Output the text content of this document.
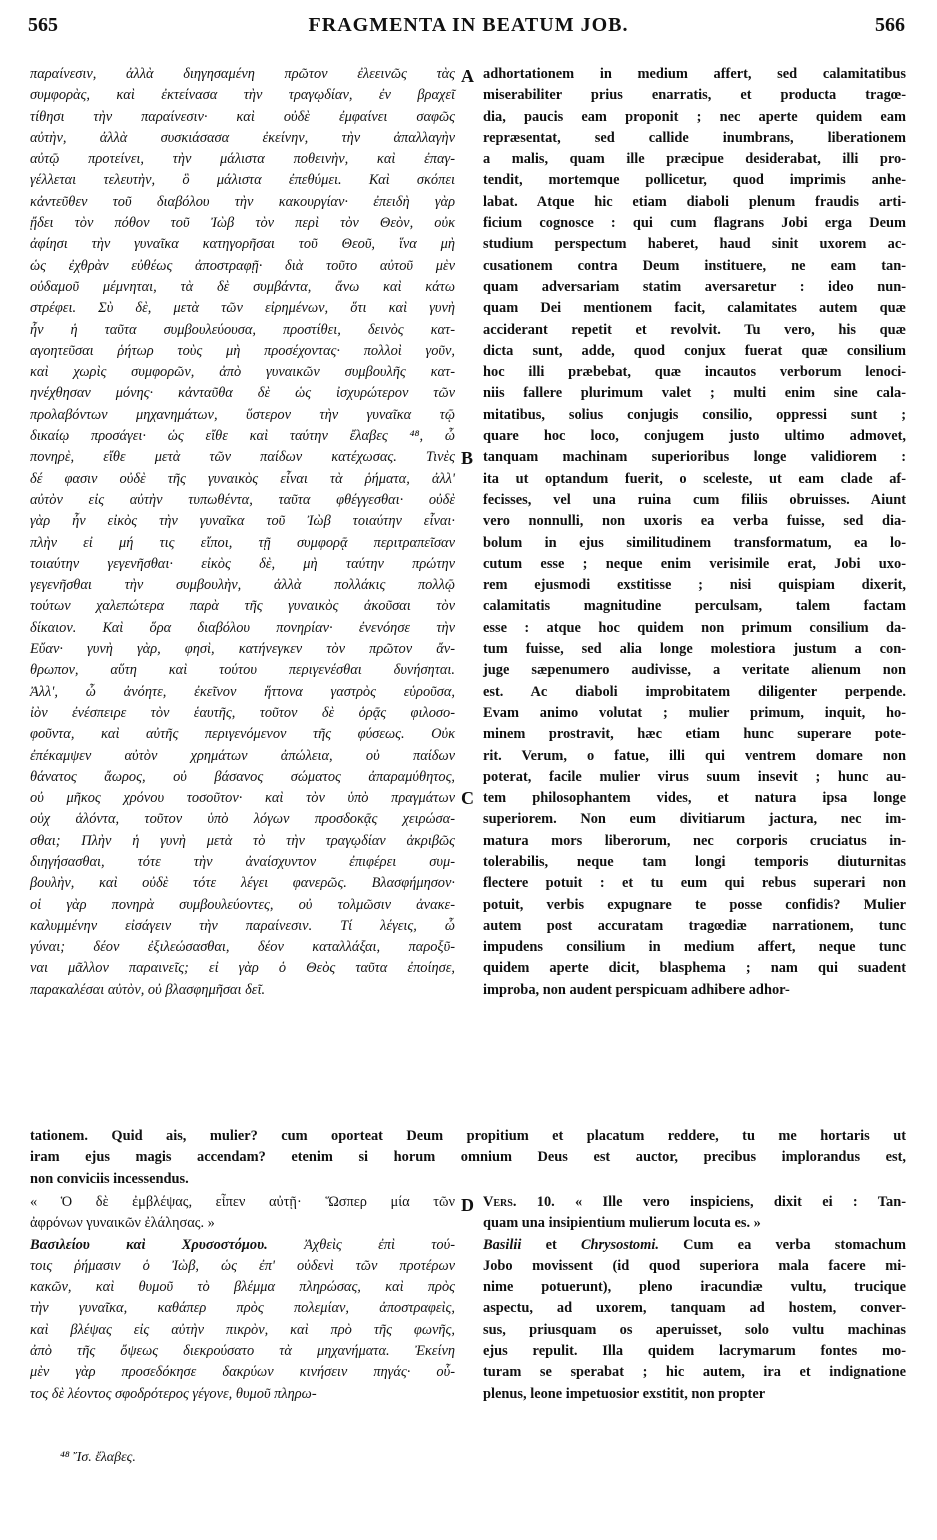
565	FRAGMENTA IN BEATUM JOB.	566
A
B
C
D

παραίνεσιν, ἀλλὰ διηγησαμένη πρῶτον ἐλεεινῶς τὰς

συμφορὰς, καὶ ἐκτείνασα τὴν τραγῳδίαν, ἐν βραχεῖ

τίθησι τὴν παραίνεσιν· καὶ οὐδὲ ἐμφαίνει σαφῶς

αὐτὴν, ἀλλὰ συσκιάσασα ἐκείνην, τὴν ἀπαλλαγὴν

αὐτῷ προτείνει, τὴν μάλιστα ποθεινὴν, καὶ ἐπαγ-

γέλλεται τελευτὴν, ὃ μάλιστα ἐπεθύμει. Καὶ σκόπει

κἀντεῦθεν τοῦ διαβόλου τὴν κακουργίαν· ἐπειδὴ γὰρ

ᾔδει τὸν πόθον τοῦ Ἰὼβ τὸν περὶ τὸν Θεὸν, οὐκ

ἀφίησι τὴν γυναῖκα κατηγορῆσαι τοῦ Θεοῦ, ἵνα μὴ

ὡς ἐχθρὰν εὐθέως ἀποστραφῇ· διὰ τοῦτο αὐτοῦ μὲν

οὐδαμοῦ μέμνηται, τὰ δὲ συμβάντα, ἄνω καὶ κάτω

στρέφει. Σὺ δὲ, μετὰ τῶν εἰρημένων, ὅτι καὶ γυνὴ

ἦν ἡ ταῦτα συμβουλεύουσα, προστίθει, δεινὸς κατ-

αγοητεῦσαι ῥήτωρ τοὺς μὴ προσέχοντας· πολλοὶ γοῦν,

καὶ χωρὶς συμφορῶν, ἀπὸ γυναικῶν συμβουλῆς κατ-

ηνέχθησαν μόνης· κἀνταῦθα δὲ ὡς ἰσχυρώτερον τῶν

προλαβόντων μηχανημάτων, ὕστερον τὴν γυναῖκα τῷ

δικαίῳ προσάγει· ὡς εἴθε καὶ ταύτην ἔλαβες ⁴⁸, ὦ

πονηρὲ, εἴθε μετὰ τῶν παίδων κατέχωσας. Τινὲς

δέ φασιν οὐδὲ τῆς γυναικὸς εἶναι τὰ ῥήματα, ἀλλ'

αὐτὸν εἰς αὐτὴν τυπωθέντα, ταῦτα φθέγγεσθαι· οὐδὲ

γὰρ ἦν εἰκὸς τὴν γυναῖκα τοῦ Ἰὼβ τοιαύτην εἶναι·

πλὴν εἰ μή τις εἴποι, τῇ συμφορᾷ περιτραπεῖσαν

τοιαύτην γεγενῆσθαι· εἰκὸς δὲ, μὴ ταύτην πρώτην

γεγενῆσθαι τὴν συμβουλὴν, ἀλλὰ πολλάκις πολλῷ

τούτων χαλεπώτερα παρὰ τῆς γυναικὸς ἀκοῦσαι τὸν

δίκαιον. Καὶ ὅρα διαβόλου πονηρίαν· ἐνενόησε τὴν

Εὔαν· γυνὴ γὰρ, φησὶ, κατήνεγκεν τὸν πρῶτον ἄν-

θρωπον, αὕτη καὶ τούτου περιγενέσθαι δυνήσηται.

Ἀλλ', ὦ ἀνόητε, ἐκεῖνον ἥττονα γαστρὸς εὑροῦσα,

ἰὸν ἐνέσπειρε τὸν ἑαυτῆς, τοῦτον δὲ ὁρᾷς φιλοσο-

φοῦντα, καὶ αὐτῆς περιγενόμενον τῆς φύσεως. Οὐκ

ἐπέκαμψεν αὐτὸν χρημάτων ἀπώλεια, οὐ παίδων

θάνατος ἄωρος, οὐ βάσανος σώματος ἀπαραμύθητος,

οὐ μῆκος χρόνου τοσοῦτον· καὶ τὸν ὑπὸ πραγμάτων

οὐχ ἁλόντα, τοῦτον ὑπὸ λόγων προσδοκᾷς χειρώσα-

σθαι; Πλὴν ἡ γυνὴ μετὰ τὸ τὴν τραγῳδίαν ἀκριβῶς

διηγήσασθαι, τότε τὴν ἀναίσχυντον ἐπιφέρει συμ-

βουλὴν, καὶ οὐδὲ τότε λέγει φανερῶς. Βλασφήμησον·

οἱ γὰρ πονηρὰ συμβουλεύοντες, οὐ τολμῶσιν ἀνακε-

καλυμμένην εἰσάγειν τὴν παραίνεσιν. Τί λέγεις, ὦ

γύναι; δέον ἐξιλεώσασθαι, δέον καταλλάξαι, παροξῦ-

ναι μᾶλλον παραινεῖς; εἰ γὰρ ὁ Θεὸς ταῦτα ἐποίησε,

παρακαλέσαι αὐτὸν, οὐ βλασφημῆσαι δεῖ.

adhortationem in medium affert, sed calamitatibus

miserabiliter prius enarratis, et producta tragœ-

dia, paucis eam proponit ; nec aperte quidem eam

repræsentat, sed callide inumbrans, liberationem

a malis, quam ille præcipue desiderabat, illi pro-

tendit, mortemque pollicetur, quod imprimis anhe-

labat. Atque hic etiam diaboli plenum fraudis arti-

ficium cognosce : qui cum flagrans Jobi erga Deum

studium perspectum haberet, haud sinit uxorem ac-

cusationem contra Deum instituere, ne eam tan-

quam adversariam statim aversaretur : ideo nun-

quam Dei mentionem facit, calamitates autem quæ

acciderant repetit et revolvit. Tu vero, his quæ

dicta sunt, adde, quod conjux fuerat quæ consilium

hoc illi præbebat, quæ incautos verborum lenoci-

niis fallere plurimum valet ; multi enim sine cala-

mitatibus, solius conjugis consilio, oppressi sunt ;

quare hoc loco, conjugem justo ultimo admovet,

tanquam machinam superioribus longe validiorem :

ita ut optandum fuerit, o sceleste, ut eam clade af-

fecisses, vel una ruina cum filiis obruisses. Aiunt

vero nonnulli, non uxoris ea verba fuisse, sed dia-

bolum in ejus similitudinem transformatum, ea lo-

cutum esse ; neque enim verisimile erat, Jobi uxo-

rem ejusmodi exstitisse ; nisi quispiam dixerit,

calamitatis magnitudine perculsam, talem factam

esse : atque hoc quidem non primum consilium da-

tum fuisse, sed alia longe molestiora justum a con-

juge sæpenumero audivisse, a veritate alienum non

est. Ac diaboli improbitatem diligenter perpende.

Evam animo volutat ; mulier primum, inquit, ho-

minem prostravit, hæc etiam hunc superare pote-

rit. Verum, o fatue, illi qui ventrem domare non

poterat, facile mulier virus suum insevit ; hunc au-

tem philosophantem vides, et natura ipsa longe

superiorem. Non eum divitiarum jactura, nec im-

matura mors liberorum, nec corporis cruciatus in-

tolerabilis, neque tam longi temporis diuturnitas

flectere potuit : et tu eum qui rebus superari non

potuit, verbis expugnare te posse confidis? Mulier

autem post accuratam tragœdiæ narrationem, tunc

impudens consilium in medium affert, neque tunc

quidem aperte dicit, blasphema ; nam qui suadent

improba, non audent perspicuam adhibere adhor-

tationem. Quid ais, mulier? cum oporteat Deum propitium et placatum reddere, tu me hortaris ut

iram ejus magis accendam? etenim si horum omnium Deus est auctor, precibus implorandus est,

non conviciis incessendus.

« Ὁ δὲ ἐμβλέψας, εἶπεν αὐτῇ· Ὥσπερ μία τῶν

ἀφρόνων γυναικῶν ἐλάλησας. »

Βασιλείου καὶ Χρυσοστόμου.	Ἀχθεὶς ἐπὶ τού-

τοις ῥήμασιν ὁ Ἰὼβ, ὡς ἐπ' οὐδενὶ τῶν προτέρων

κακῶν, καὶ θυμοῦ τὸ βλέμμα πληρώσας, καὶ πρὸς

τὴν γυναῖκα, καθάπερ πρὸς πολεμίαν, ἀποστραφεὶς,

καὶ βλέψας εἰς αὐτὴν πικρὸν, καὶ πρὸ τῆς φωνῆς,

ἀπὸ τῆς ὄψεως διεκρούσατο τὰ μηχανήματα. Ἐκείνη

μὲν γὰρ προσεδόκησε δακρύων κινήσειν πηγάς· οὗ-

τος δὲ λέοντος σφοδρότερος γέγονε, θυμοῦ πληρω-

Vers. 10. « Ille vero inspiciens, dixit ei : Tan-

quam una insipientium mulierum locuta es. »

Basilii et Chrysostomi. Cum ea verba stomachum

Jobo movissent (id quod superiora mala facere mi-

nime potuerunt), pleno iracundiæ vultu, trucique

aspectu, ad uxorem, tanquam ad hostem, conver-

sus, priusquam os aperuisset, solo vultu machinas

ejus repulit. Illa quidem lacrymarum fontes mo-

turam se sperabat ; hic autem, ira et indignatione

plenus, leone impetuosior exstitit, non propter

⁴⁸ Ἴσ. ἔλαβες.
